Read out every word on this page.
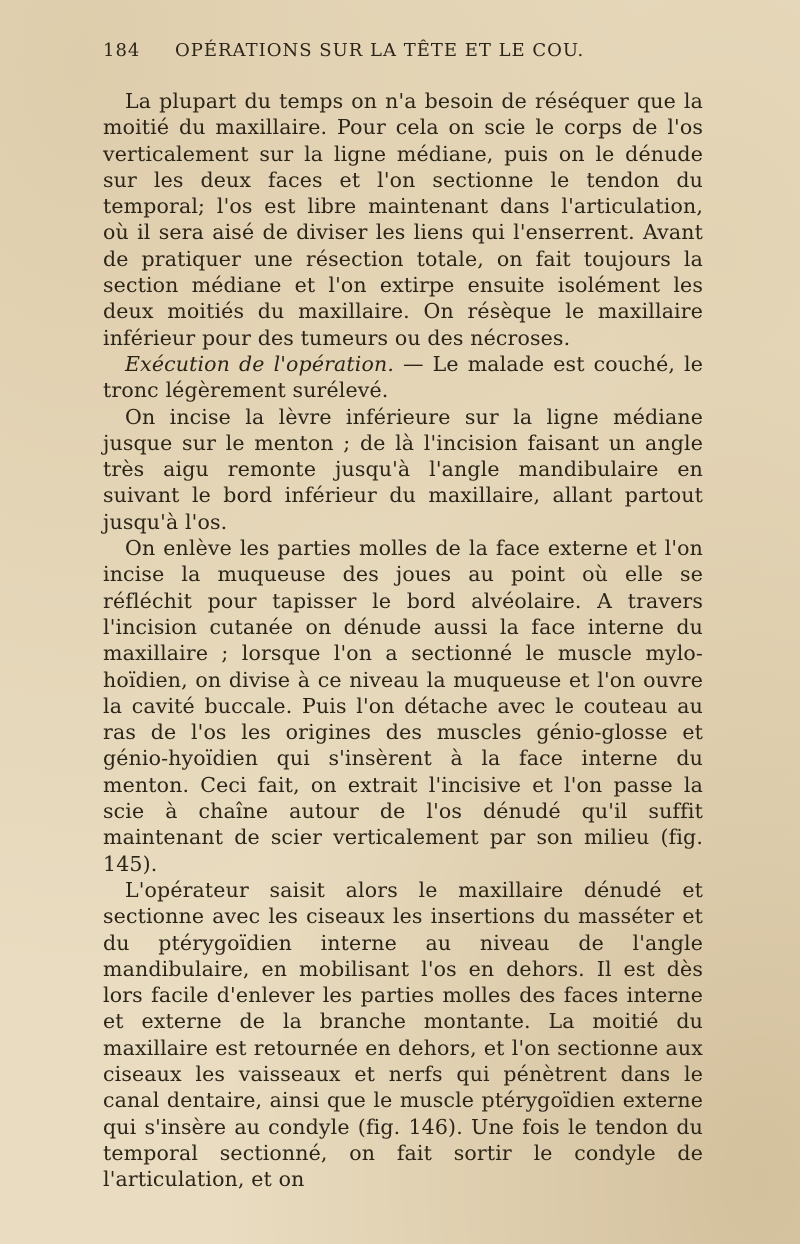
184	OPÉRATIONS SUR LA TÊTE ET LE COU.

La plupart du temps on n'a besoin de réséquer que la moitié du maxillaire. Pour cela on scie le corps de l'os verticalement sur la ligne médiane, puis on le dénude sur les deux faces et l'on sectionne le tendon du temporal; l'os est libre maintenant dans l'articulation, où il sera aisé de diviser les liens qui l'enserrent. Avant de pratiquer une résection totale, on fait toujours la section médiane et l'on extirpe ensuite isolément les deux moitiés du maxillaire. On résèque le maxillaire inférieur pour des tumeurs ou des nécroses.

Exécution de l'opération. — Le malade est couché, le tronc légèrement surélevé.

On incise la lèvre inférieure sur la ligne médiane jusque sur le menton ; de là l'incision faisant un angle très aigu remonte jusqu'à l'angle mandibulaire en suivant le bord inférieur du maxillaire, allant partout jusqu'à l'os.

On enlève les parties molles de la face externe et l'on incise la muqueuse des joues au point où elle se réfléchit pour tapisser le bord alvéolaire. A travers l'incision cutanée on dénude aussi la face interne du maxillaire ; lorsque l'on a sectionné le muscle mylo-hoïdien, on divise à ce niveau la muqueuse et l'on ouvre la cavité buccale. Puis l'on détache avec le couteau au ras de l'os les origines des muscles génio-glosse et génio-hyoïdien qui s'insèrent à la face interne du menton. Ceci fait, on extrait l'incisive et l'on passe la scie à chaîne autour de l'os dénudé qu'il suffit maintenant de scier verticalement par son milieu (fig. 145).

L'opérateur saisit alors le maxillaire dénudé et sectionne avec les ciseaux les insertions du masséter et du ptérygoïdien interne au niveau de l'angle mandibulaire, en mobilisant l'os en dehors. Il est dès lors facile d'enlever les parties molles des faces interne et externe de la branche montante. La moitié du maxillaire est retournée en dehors, et l'on sectionne aux ciseaux les vaisseaux et nerfs qui pénètrent dans le canal dentaire, ainsi que le muscle ptérygoïdien externe qui s'insère au condyle (fig. 146). Une fois le tendon du temporal sectionné, on fait sortir le condyle de l'articulation, et on
